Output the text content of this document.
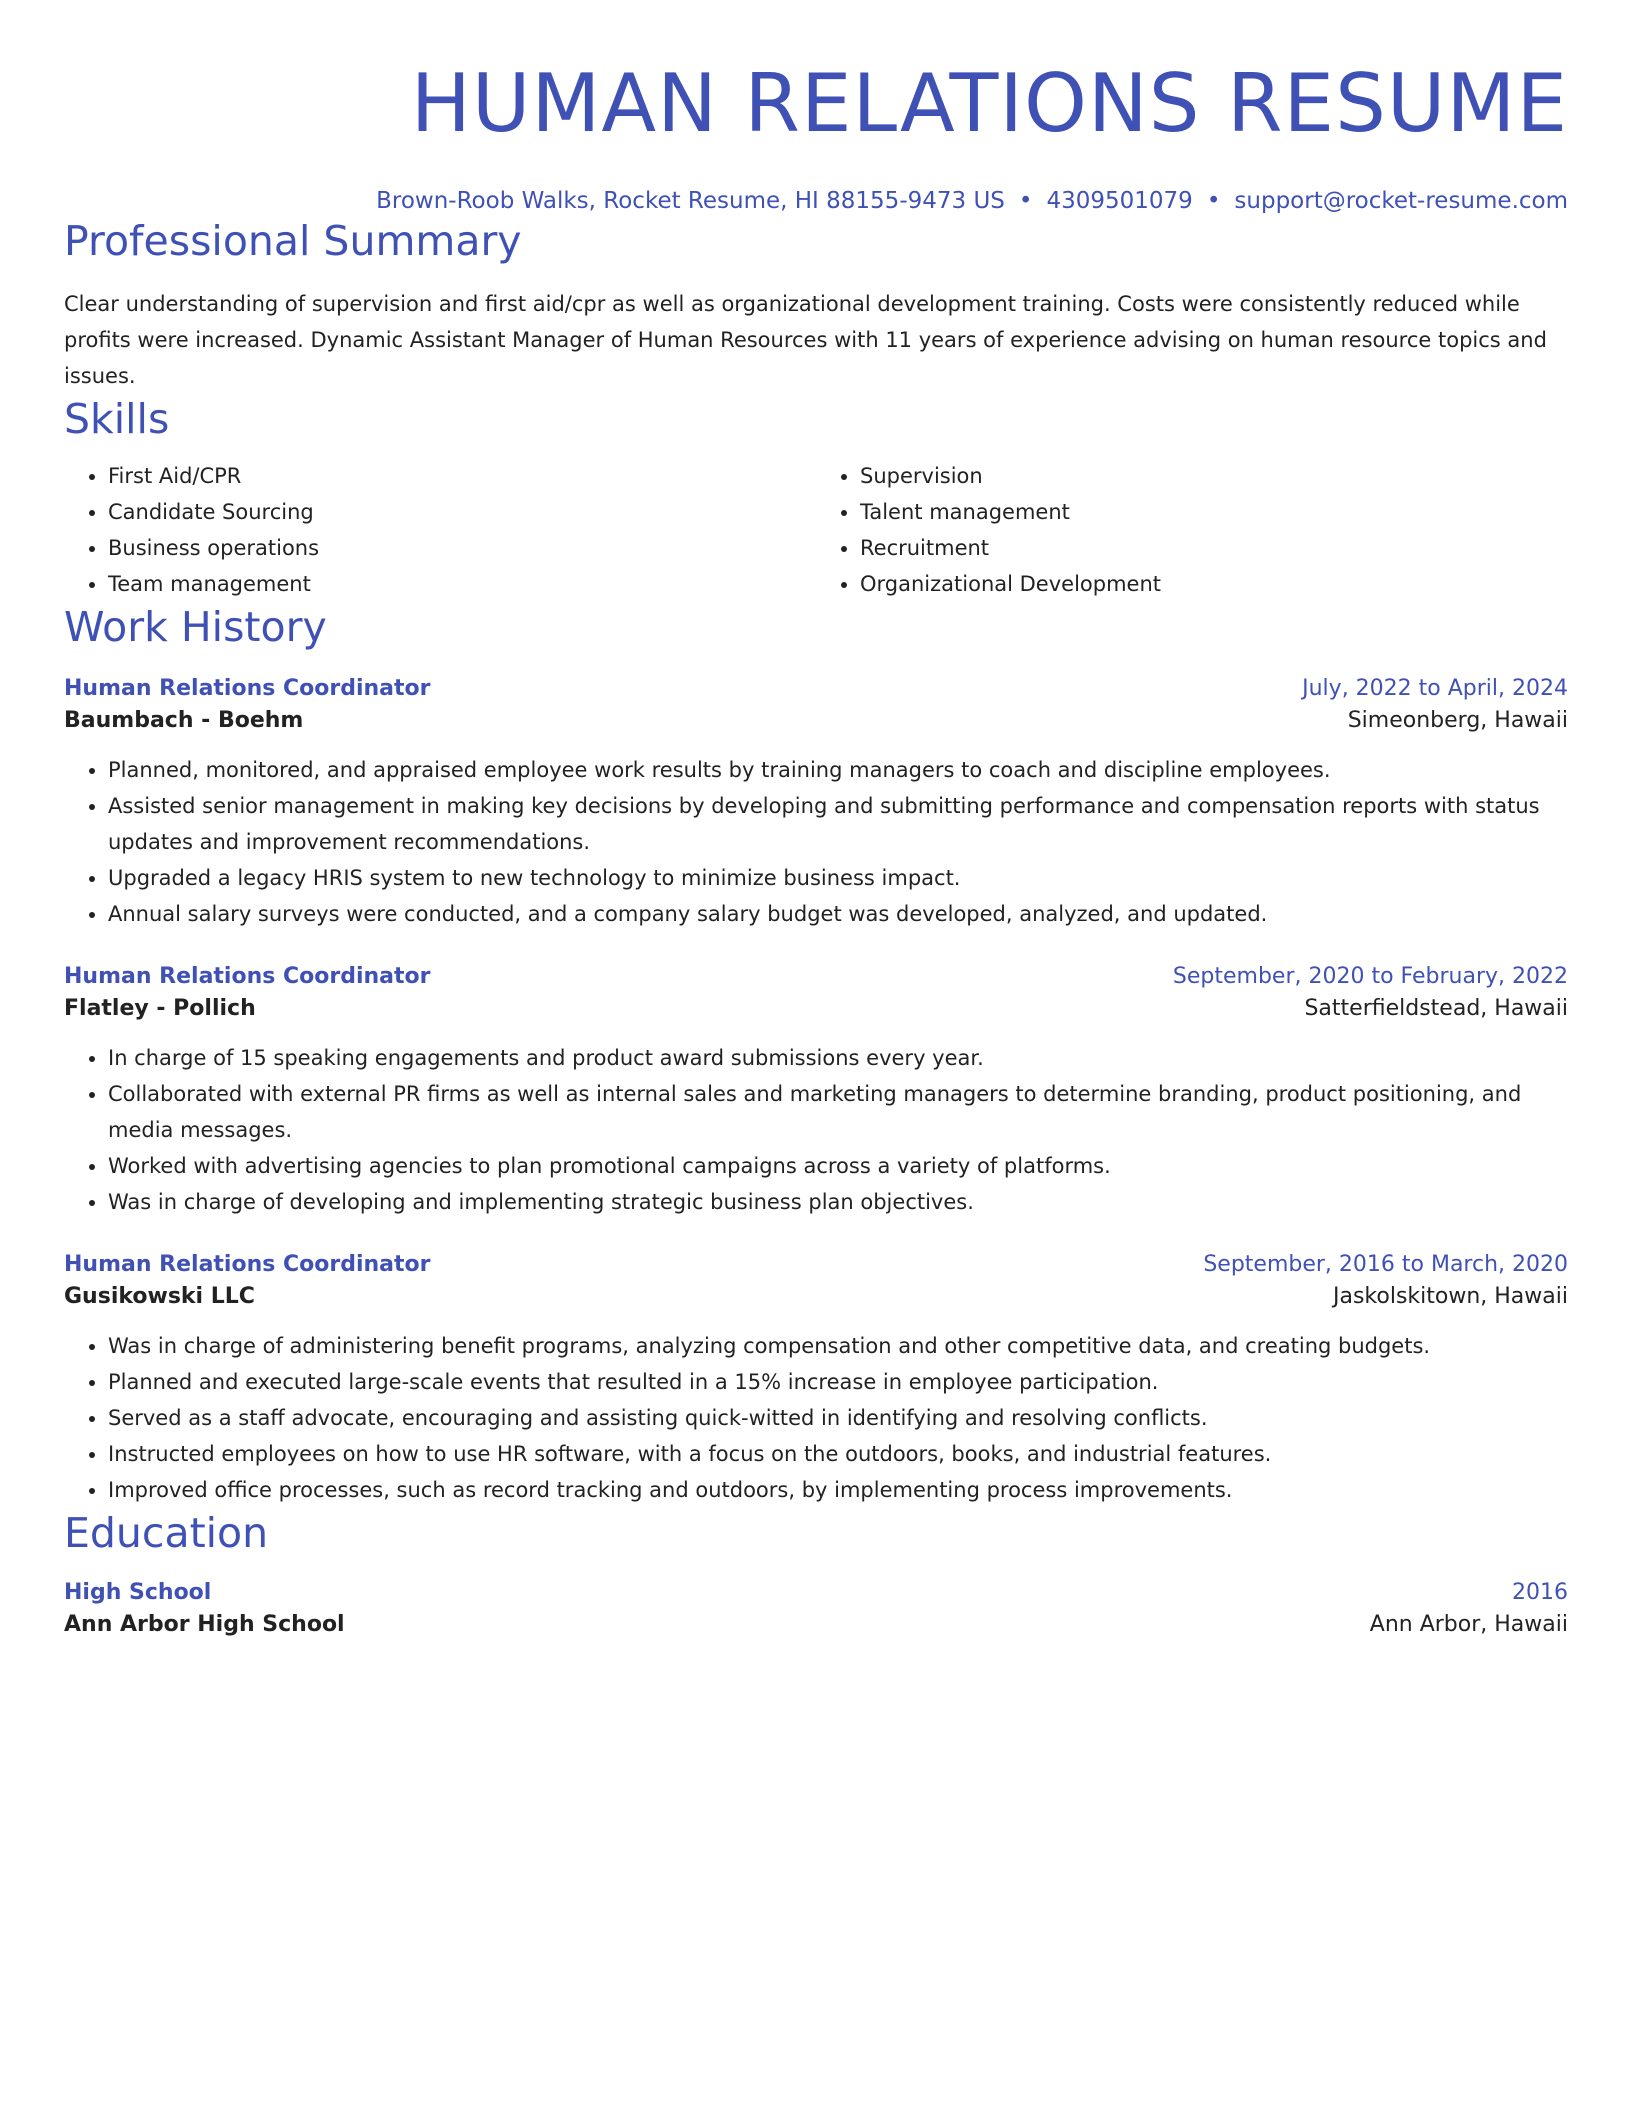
HUMAN RELATIONS RESUME
Brown-Roob Walks, Rocket Resume, HI 88155-9473 US • 4309501079 • support@rocket-resume.com
Professional Summary

Clear understanding of supervision and first aid/cpr as well as organizational development training. Costs were consistently reduced while profits were increased. Dynamic Assistant Manager of Human Resources with 11 years of experience advising on human resource topics and issues.

Skills
• First Aid/CPR
• Candidate Sourcing
• Business operations
• Team management
• Supervision
• Talent management
• Recruitment
• Organizational Development
Work History
Human Relations Coordinator	July, 2022 to April, 2024
Baumbach - Boehm	Simeonberg, Hawaii
• Planned, monitored, and appraised employee work results by training managers to coach and discipline employees.
• Assisted senior management in making key decisions by developing and submitting performance and compensation reports with status updates and improvement recommendations.
• Upgraded a legacy HRIS system to new technology to minimize business impact.
• Annual salary surveys were conducted, and a company salary budget was developed, analyzed, and updated.
Human Relations Coordinator	September, 2020 to February, 2022
Flatley - Pollich	Satterfieldstead, Hawaii
• In charge of 15 speaking engagements and product award submissions every year.
• Collaborated with external PR firms as well as internal sales and marketing managers to determine branding, product positioning, and media messages.
• Worked with advertising agencies to plan promotional campaigns across a variety of platforms.
• Was in charge of developing and implementing strategic business plan objectives.
Human Relations Coordinator	September, 2016 to March, 2020
Gusikowski LLC	Jaskolskitown, Hawaii
• Was in charge of administering benefit programs, analyzing compensation and other competitive data, and creating budgets.
• Planned and executed large-scale events that resulted in a 15% increase in employee participation.
• Served as a staff advocate, encouraging and assisting quick-witted in identifying and resolving conflicts.
• Instructed employees on how to use HR software, with a focus on the outdoors, books, and industrial features.
• Improved office processes, such as record tracking and outdoors, by implementing process improvements.
Education
High School	2016
Ann Arbor High School	Ann Arbor, Hawaii
